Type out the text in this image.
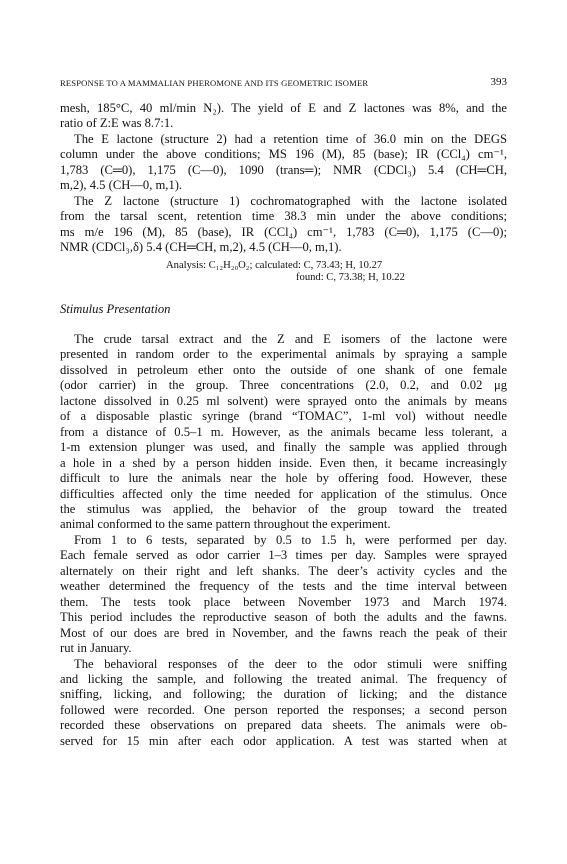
RESPONSE TO A MAMMALIAN PHEROMONE AND ITS GEOMETRIC ISOMER	393
mesh, 185°C, 40 ml/min N₂). The yield of E and Z lactones was 8%, and the
ratio of Z:E was 8.7:1.
The E lactone (structure 2) had a retention time of 36.0 min on the DEGS
column under the above conditions; MS 196 (M), 85 (base); IR (CCl₄) cm⁻¹,
1,783 (C═0), 1,175 (C—0), 1090 (trans═); NMR (CDCl₃) 5.4 (CH═CH,
m,2), 4.5 (CH—0, m,1).
The Z lactone (structure 1) cochromatographed with the lactone isolated
from the tarsal scent, retention time 38.3 min under the above conditions;
ms m/e 196 (M), 85 (base), IR (CCl₄) cm⁻¹, 1,783 (C═0), 1,175 (C—0);
NMR (CDCl₃,δ) 5.4 (CH═CH, m,2), 4.5 (CH—0, m,1).
Analysis: C₁₂H₂₀O₂; calculated: C, 73.43; H, 10.27
found: C, 73.38; H, 10.22
Stimulus Presentation
The crude tarsal extract and the Z and E isomers of the lactone were
presented in random order to the experimental animals by spraying a sample
dissolved in petroleum ether onto the outside of one shank of one female
(odor carrier) in the group. Three concentrations (2.0, 0.2, and 0.02 μg
lactone dissolved in 0.25 ml solvent) were sprayed onto the animals by means
of a disposable plastic syringe (brand “TOMAC”, 1-ml vol) without needle
from a distance of 0.5–1 m. However, as the animals became less tolerant, a
1-m extension plunger was used, and finally the sample was applied through
a hole in a shed by a person hidden inside. Even then, it became increasingly
difficult to lure the animals near the hole by offering food. However, these
difficulties affected only the time needed for application of the stimulus. Once
the stimulus was applied, the behavior of the group toward the treated
animal conformed to the same pattern throughout the experiment.
From 1 to 6 tests, separated by 0.5 to 1.5 h, were performed per day.
Each female served as odor carrier 1–3 times per day. Samples were sprayed
alternately on their right and left shanks. The deer’s activity cycles and the
weather determined the frequency of the tests and the time interval between
them. The tests took place between November 1973 and March 1974.
This period includes the reproductive season of both the adults and the fawns.
Most of our does are bred in November, and the fawns reach the peak of their
rut in January.
The behavioral responses of the deer to the odor stimuli were sniffing
and licking the sample, and following the treated animal. The frequency of
sniffing, licking, and following; the duration of licking; and the distance
followed were recorded. One person reported the responses; a second person
recorded these observations on prepared data sheets. The animals were ob-
served for 15 min after each odor application. A test was started when at
